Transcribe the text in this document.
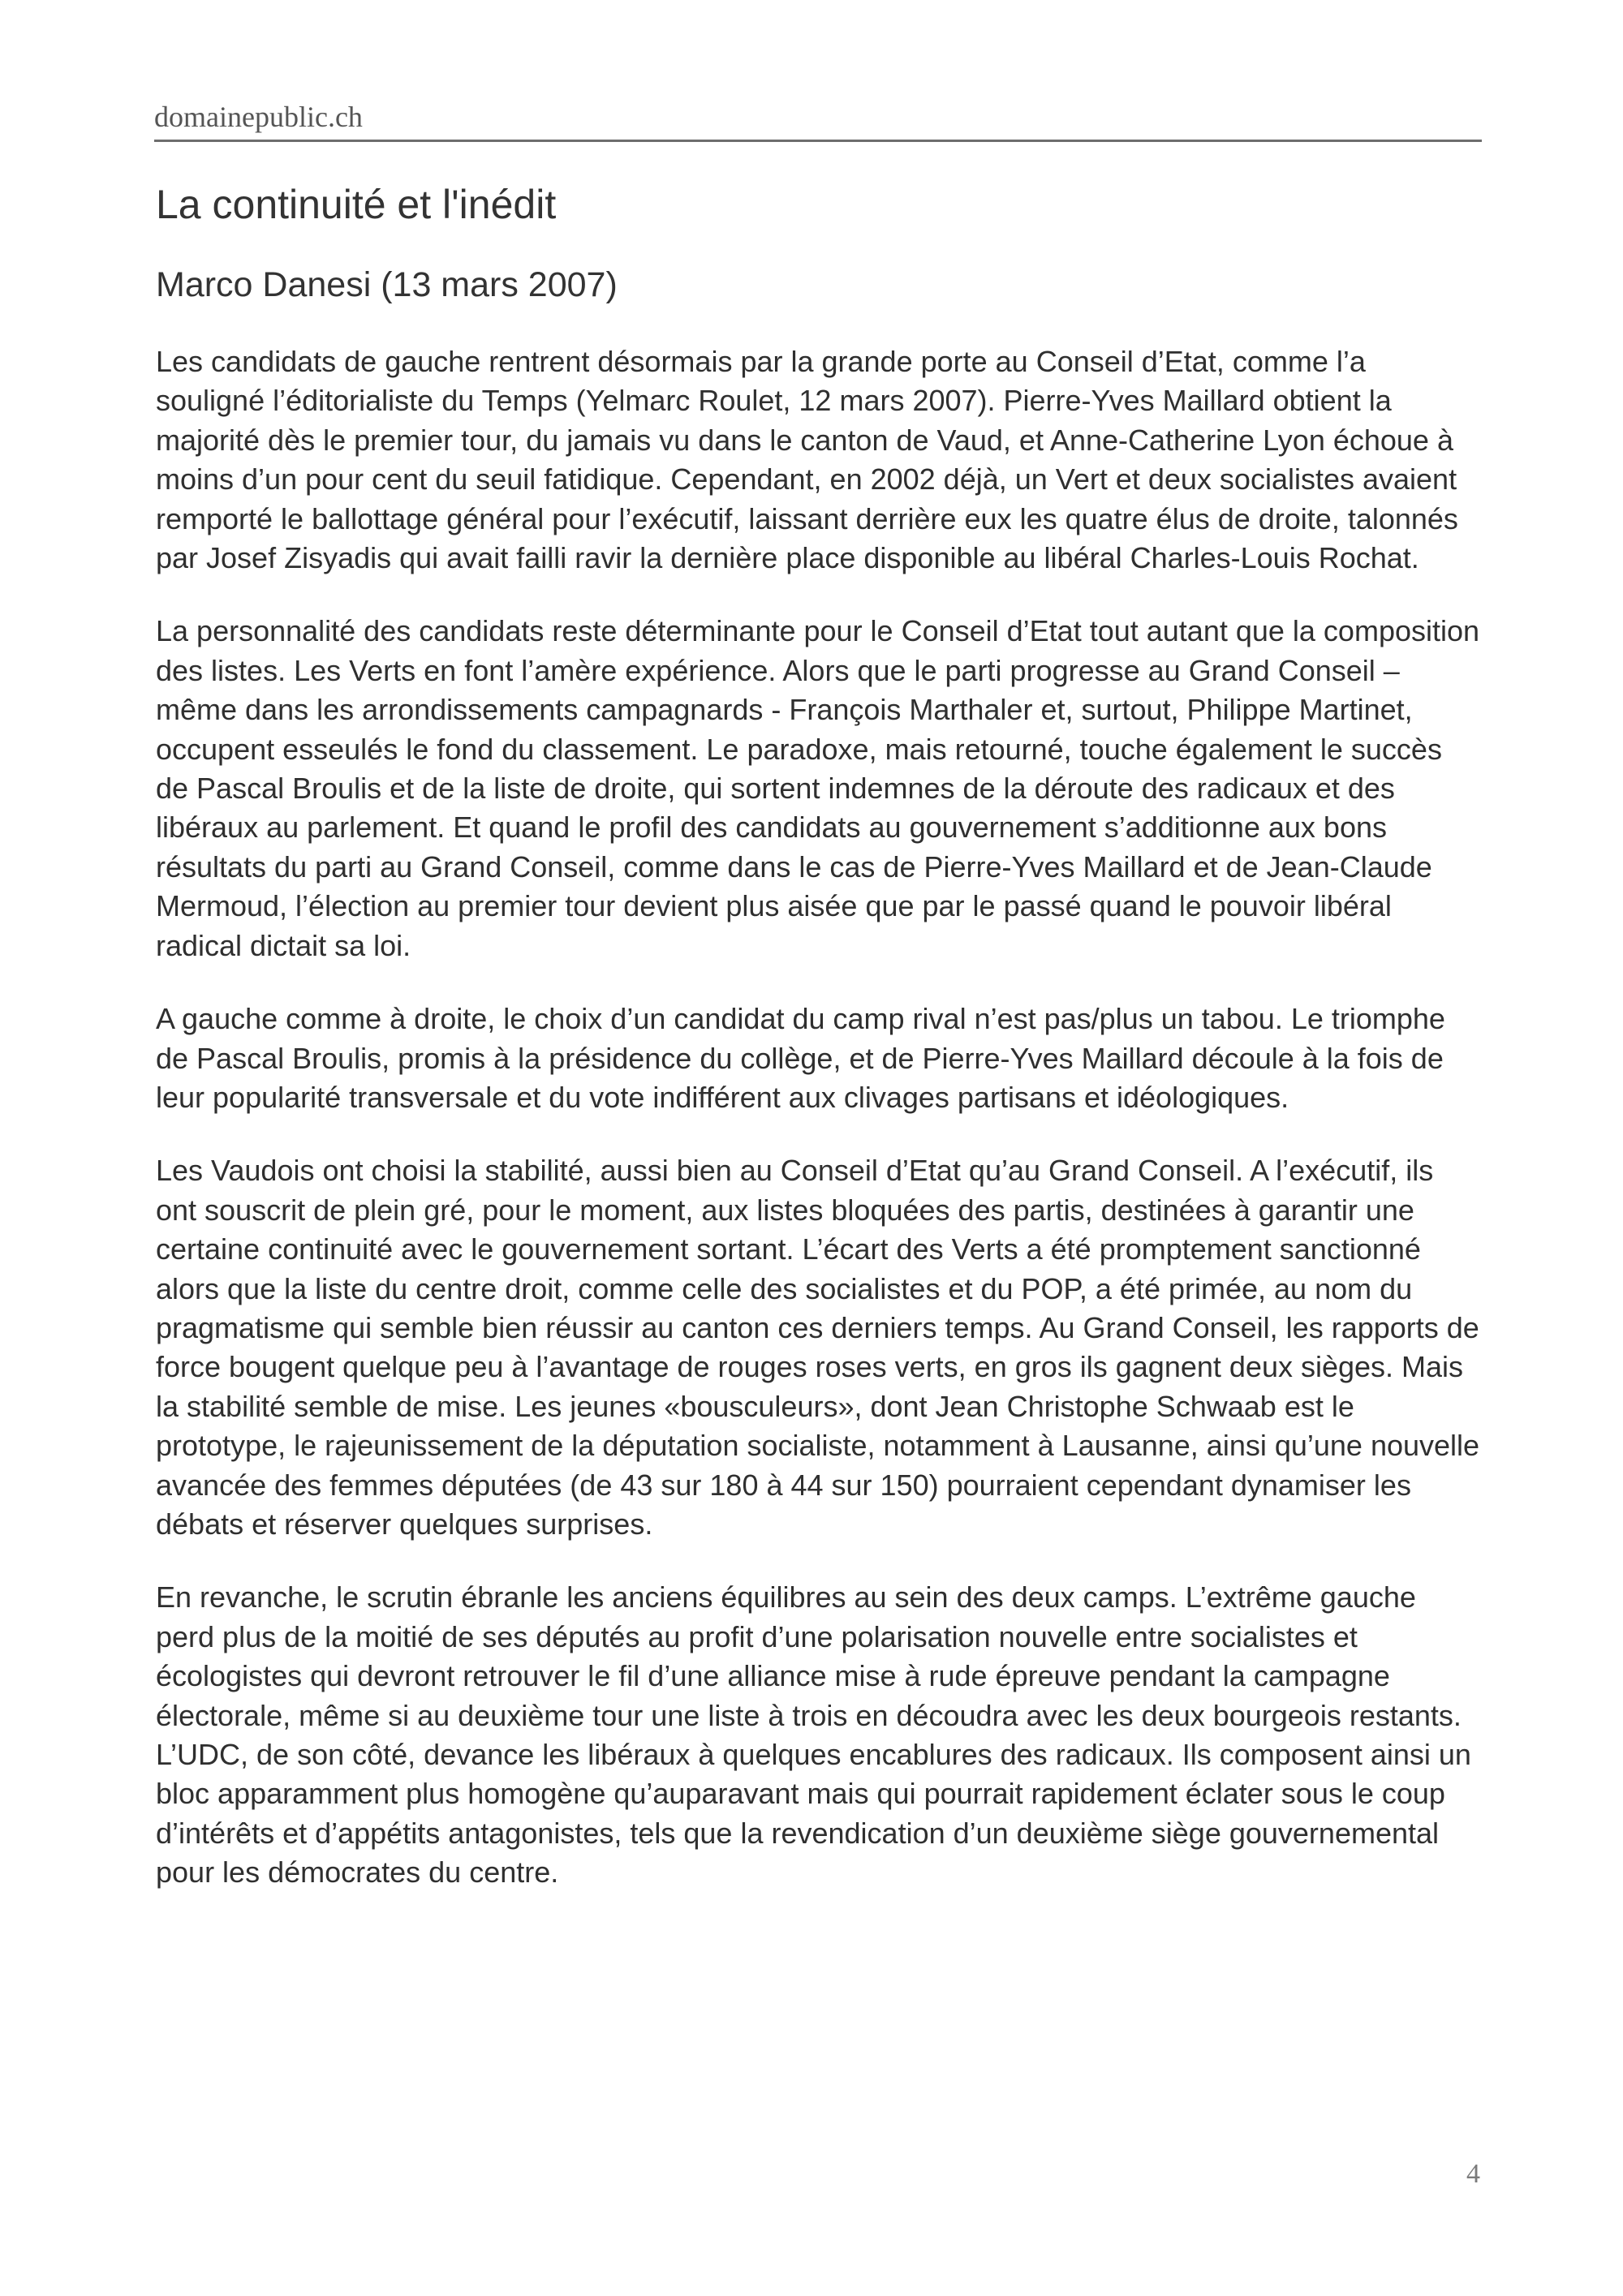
domainepublic.ch
La continuité et l'inédit
Marco Danesi (13 mars 2007)

Les candidats de gauche rentrent désormais par la grande porte au Conseil d’Etat, comme l’a souligné l’éditorialiste du Temps (Yelmarc Roulet, 12 mars 2007). Pierre-Yves Maillard obtient la majorité dès le premier tour, du jamais vu dans le canton de Vaud, et Anne-Catherine Lyon échoue à moins d’un pour cent du seuil fatidique. Cependant, en 2002 déjà, un Vert et deux socialistes avaient remporté le ballottage général pour l’exécutif, laissant derrière eux les quatre élus de droite, talonnés par Josef Zisyadis qui avait failli ravir la dernière place disponible au libéral Charles-Louis Rochat.

La personnalité des candidats reste déterminante pour le Conseil d’Etat tout autant que la composition des listes. Les Verts en font l’amère expérience. Alors que le parti progresse au Grand Conseil – même dans les arrondissements campagnards - François Marthaler et, surtout, Philippe Martinet, occupent esseulés le fond du classement. Le paradoxe, mais retourné, touche également le succès de Pascal Broulis et de la liste de droite, qui sortent indemnes de la déroute des radicaux et des libéraux au parlement. Et quand le profil des candidats au gouvernement s’additionne aux bons résultats du parti au Grand Conseil, comme dans le cas de Pierre-Yves Maillard et de Jean-Claude Mermoud, l’élection au premier tour devient plus aisée que par le passé quand le pouvoir libéral radical dictait sa loi.

A gauche comme à droite, le choix d’un candidat du camp rival n’est pas/plus un tabou. Le triomphe de Pascal Broulis, promis à la présidence du collège, et de Pierre-Yves Maillard découle à la fois de leur popularité transversale et du vote indifférent aux clivages partisans et idéologiques.

Les Vaudois ont choisi la stabilité, aussi bien au Conseil d’Etat qu’au Grand Conseil. A l’exécutif, ils ont souscrit de plein gré, pour le moment, aux listes bloquées des partis, destinées à garantir une certaine continuité avec le gouvernement sortant. L’écart des Verts a été promptement sanctionné alors que la liste du centre droit, comme celle des socialistes et du POP, a été primée, au nom du pragmatisme qui semble bien réussir au canton ces derniers temps. Au Grand Conseil, les rapports de force bougent quelque peu à l’avantage de rouges roses verts, en gros ils gagnent deux sièges. Mais la stabilité semble de mise. Les jeunes «bousculeurs», dont Jean Christophe Schwaab est le prototype, le rajeunissement de la députation socialiste, notamment à Lausanne, ainsi qu’une nouvelle avancée des femmes députées (de 43 sur 180 à 44 sur 150) pourraient cependant dynamiser les débats et réserver quelques surprises.

En revanche, le scrutin ébranle les anciens équilibres au sein des deux camps. L’extrême gauche perd plus de la moitié de ses députés au profit d’une polarisation nouvelle entre socialistes et écologistes qui devront retrouver le fil d’une alliance mise à rude épreuve pendant la campagne électorale, même si au deuxième tour une liste à trois en découdra avec les deux bourgeois restants. L’UDC, de son côté, devance les libéraux à quelques encablures des radicaux. Ils composent ainsi un bloc apparamment plus homogène qu’auparavant mais qui pourrait rapidement éclater sous le coup d’intérêts et d’appétits antagonistes, tels que la revendication d’un deuxième siège gouvernemental pour les démocrates du centre.

4
